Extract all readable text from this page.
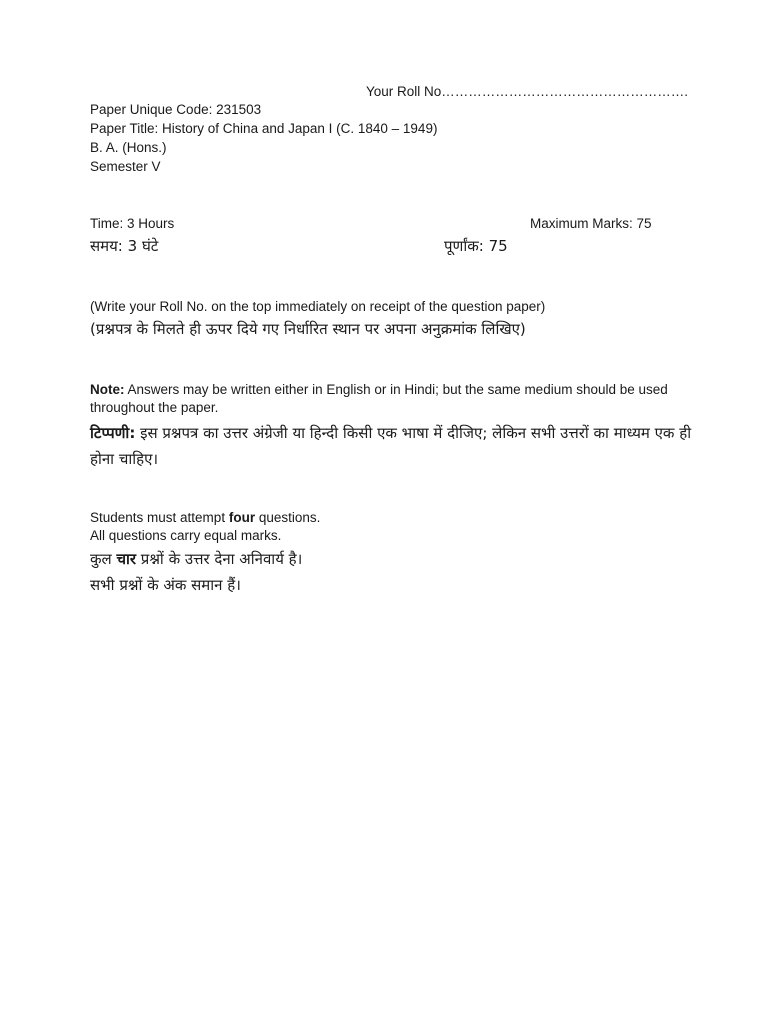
Your Roll No……………………………………………….
Paper Unique Code: 231503
Paper Title: History of China and Japan I (C. 1840 – 1949)
B. A. (Hons.)
Semester V
Time: 3 Hours	Maximum Marks: 75
समय: 3 घंटे	पूर्णांक: 75
(Write your Roll No. on the top immediately on receipt of the question paper)
(प्रश्नपत्र के मिलते ही ऊपर दिये गए निर्धारित स्थान पर अपना अनुक्रमांक लिखिए)
Note: Answers may be written either in English or in Hindi; but the same medium should be used throughout the paper.
टिप्पणी: इस प्रश्नपत्र का उत्तर अंग्रेजी या हिन्दी किसी एक भाषा में दीजिए; लेकिन सभी उत्तरों का माध्यम एक ही होना चाहिए।
Students must attempt four questions.
All questions carry equal marks.
कुल चार प्रश्नों के उत्तर देना अनिवार्य है।
सभी प्रश्नों के अंक समान हैं।
